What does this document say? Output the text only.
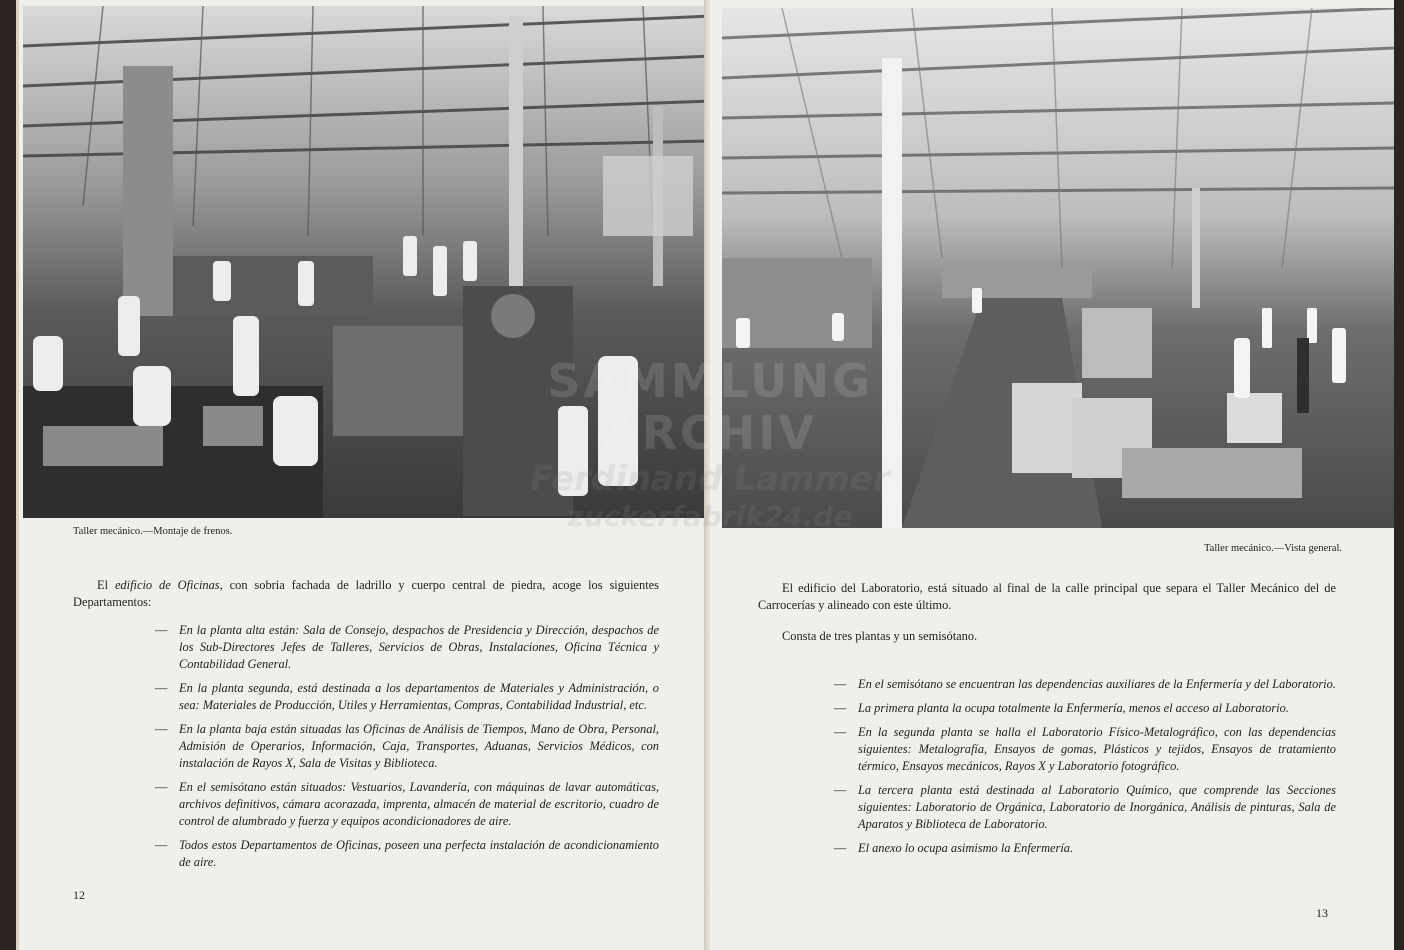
Taller mecánico.—Montaje de frenos.

El edificio de Oficinas, con sobria fachada de ladrillo y cuerpo central de piedra, acoge los siguientes Departamentos:

— En la planta alta están: Sala de Consejo, despachos de Presidencia y Dirección, despachos de los Sub-Directores Jefes de Talleres, Servicios de Obras, Instalaciones, Oficina Técnica y Contabilidad General.
— En la planta segunda, está destinada a los departamentos de Materiales y Administración, o sea: Materiales de Producción, Utiles y Herramientas, Compras, Contabilidad Industrial, etc.
— En la planta baja están situadas las Oficinas de Análisis de Tiempos, Mano de Obra, Personal, Admisión de Operarios, Información, Caja, Transportes, Aduanas, Servicios Médicos, con instalación de Rayos X, Sala de Visitas y Biblioteca.
— En el semisótano están situados: Vestuarios, Lavandería, con máquinas de lavar automáticas, archivos definitivos, cámara acorazada, imprenta, almacén de material de escritorio, cuadro de control de alumbrado y fuerza y equipos acondicionadores de aire.
— Todos estos Departamentos de Oficinas, poseen una perfecta instalación de acondicionamiento de aire.
12
Taller mecánico.—Vista general.

El edificio del Laboratorio, está situado al final de la calle principal que separa el Taller Mecánico del de Carrocerías y alineado con este último.

Consta de tres plantas y un semisótano.

— En el semisótano se encuentran las dependencias auxiliares de la Enfermería y del Laboratorio.
— La primera planta la ocupa totalmente la Enfermería, menos el acceso al Laboratorio.
— En la segunda planta se halla el Laboratorio Físico-Metalográfico, con las dependencias siguientes: Metalografía, Ensayos de gomas, Plásticos y tejidos, Ensayos de tratamiento térmico, Ensayos mecánicos, Rayos X y Laboratorio fotográfico.
— La tercera planta está destinada al Laboratorio Químico, que comprende las Secciones siguientes: Laboratorio de Orgánica, Laboratorio de Inorgánica, Análisis de pinturas, Sala de Aparatos y Biblioteca de Laboratorio.
— El anexo lo ocupa asimismo la Enfermería.
13
